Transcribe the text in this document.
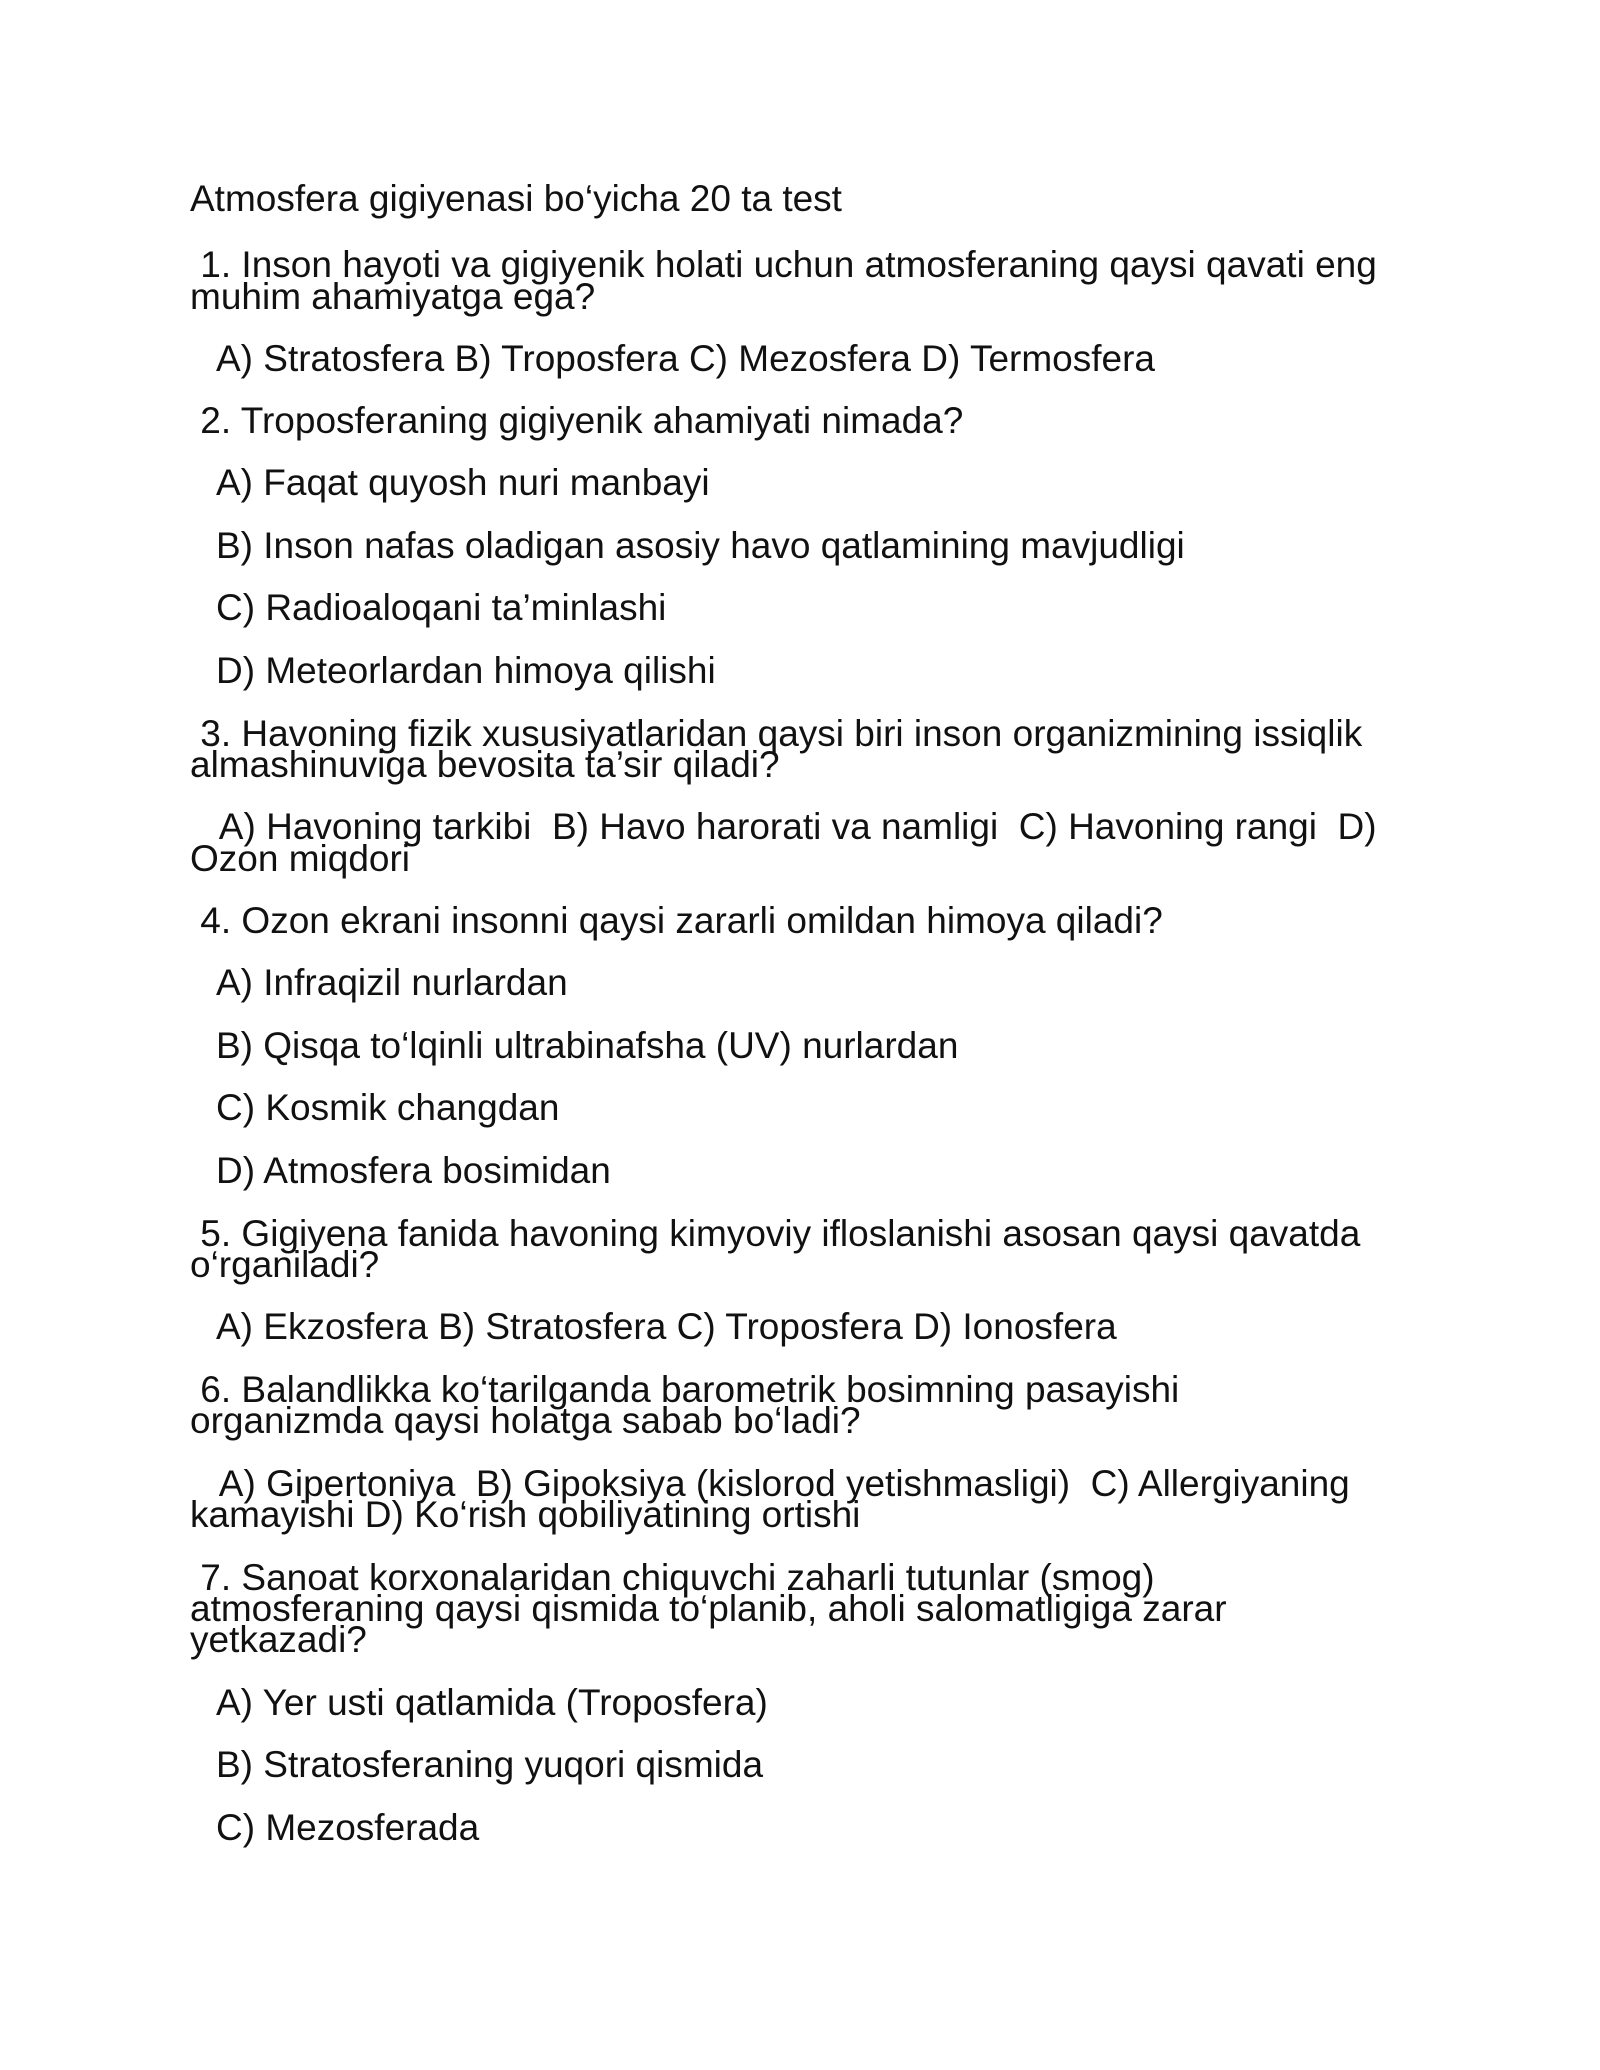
Atmosfera gigiyenasi bo‘yicha 20 ta test
1. Inson hayoti va gigiyenik holati uchun atmosferaning qaysi qavati eng
muhim ahamiyatga ega?
A) Stratosfera B) Troposfera C) Mezosfera D) Termosfera
2. Troposferaning gigiyenik ahamiyati nimada?
A) Faqat quyosh nuri manbayi
B) Inson nafas oladigan asosiy havo qatlamining mavjudligi
C) Radioaloqani ta’minlashi
D) Meteorlardan himoya qilishi
3. Havoning fizik xususiyatlaridan qaysi biri inson organizmining issiqlik
almashinuviga bevosita ta’sir qiladi?
A) Havoning tarkibi  B) Havo harorati va namligi  C) Havoning rangi  D)
Ozon miqdori
4. Ozon ekrani insonni qaysi zararli omildan himoya qiladi?
A) Infraqizil nurlardan
B) Qisqa to‘lqinli ultrabinafsha (UV) nurlardan
C) Kosmik changdan
D) Atmosfera bosimidan
5. Gigiyena fanida havoning kimyoviy ifloslanishi asosan qaysi qavatda
o‘rganiladi?
A) Ekzosfera B) Stratosfera C) Troposfera D) Ionosfera
6. Balandlikka ko‘tarilganda barometrik bosimning pasayishi
organizmda qaysi holatga sabab bo‘ladi?
A) Gipertoniya  B) Gipoksiya (kislorod yetishmasligi)  C) Allergiyaning
kamayishi D) Ko‘rish qobiliyatining ortishi
7. Sanoat korxonalaridan chiquvchi zaharli tutunlar (smog)
atmosferaning qaysi qismida to‘planib, aholi salomatligiga zarar
yetkazadi?
A) Yer usti qatlamida (Troposfera)
B) Stratosferaning yuqori qismida
C) Mezosferada
